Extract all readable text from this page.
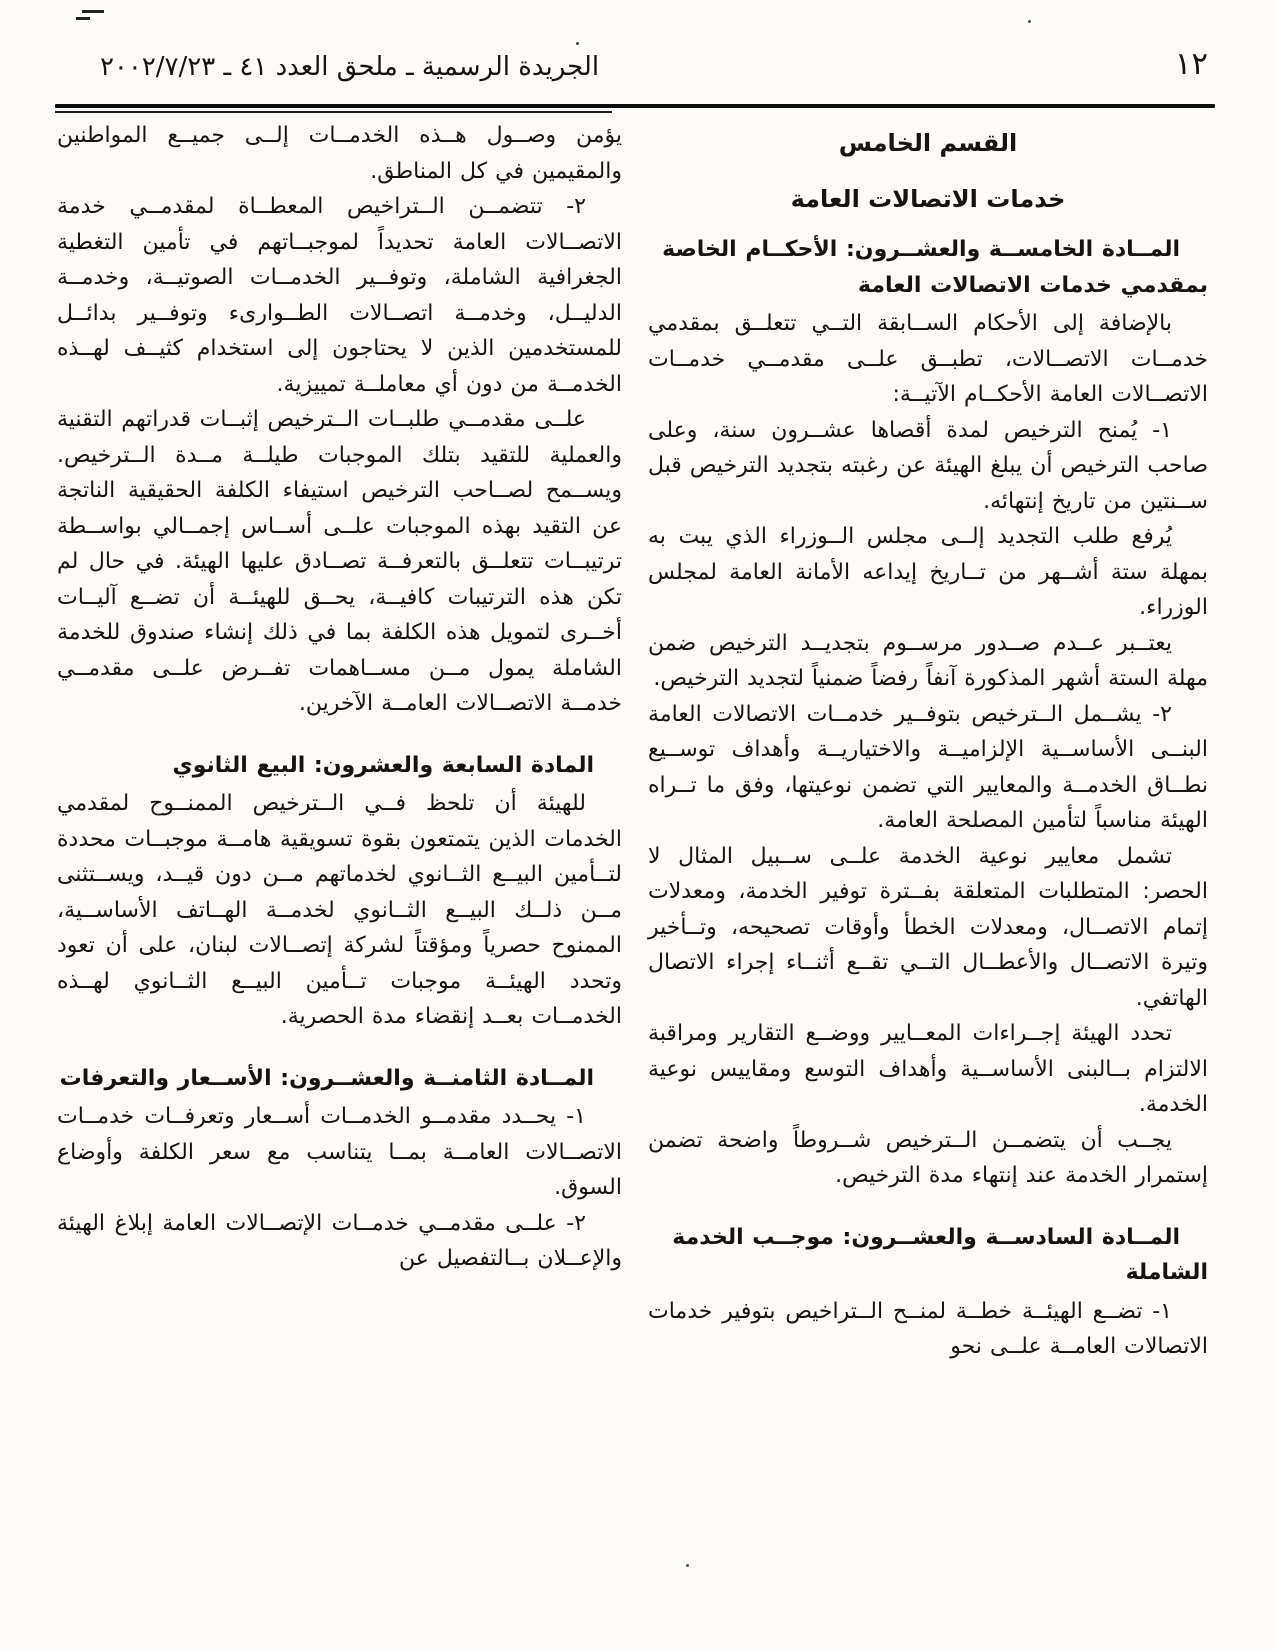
١٢
الجريدة الرسمية ـ ملحق العدد ٤١ ـ ٢٠٠٢/٧/٢٣
القسم الخامس
خدمات الاتصالات العامة

المــادة الخامســة والعشــرون: الأحكــام الخاصة بمقدمي خدمات الاتصالات العامة

بالإضافة إلى الأحكام الســابقة التــي تتعلــق بمقدمي خدمــات الاتصــالات، تطبــق علــى مقدمــي خدمــات الاتصــالات العامة الأحكــام الآتيــة:

١- يُمنح الترخيص لمدة أقصاها عشــرون سنة، وعلى صاحب الترخيص أن يبلغ الهيئة عن رغبته بتجديد الترخيص قبل ســنتين من تاريخ إنتهائه.

يُرفع طلب التجديد إلــى مجلس الــوزراء الذي يبت به بمهلة ستة أشــهر من تــاريخ إيداعه الأمانة العامة لمجلس الوزراء.

يعتــبر عــدم صــدور مرســوم بتجديــد الترخيص ضمن مهلة الستة أشهر المذكورة آنفاً رفضاً ضمنياً لتجديد الترخيص.

٢- يشــمل الــترخيص بتوفــير خدمــات الاتصالات العامة البنــى الأساســية الإلزاميــة والاختياريــة وأهداف توســيع نطــاق الخدمــة والمعايير التي تضمن نوعيتها، وفق ما تــراه الهيئة مناسباً لتأمين المصلحة العامة.

تشمل معايير نوعية الخدمة علــى ســبيل المثال لا الحصر: المتطلبات المتعلقة بفــترة توفير الخدمة، ومعدلات إتمام الاتصــال، ومعدلات الخطأ وأوقات تصحيحه، وتــأخير وتيرة الاتصــال والأعطــال التــي تقــع أثنــاء إجراء الاتصال الهاتفي.

تحدد الهيئة إجــراءات المعــايير ووضــع التقارير ومراقبة الالتزام بــالبنى الأساســية وأهداف التوسع ومقاييس نوعية الخدمة.

يجــب أن يتضمــن الــترخيص شــروطاً واضحة تضمن إستمرار الخدمة عند إنتهاء مدة الترخيص.

المــادة السادســة والعشــرون: موجــب الخدمة الشاملة

١- تضــع الهيئــة خطــة لمنــح الــتراخيص بتوفير خدمات الاتصالات العامــة علــى نحو

يؤمن وصــول هــذه الخدمــات إلــى جميــع المواطنين والمقيمين في كل المناطق.

٢- تتضمــن الــتراخيص المعطــاة لمقدمــي خدمة الاتصــالات العامة تحديداً لموجبــاتهم في تأمين التغطية الجغرافية الشاملة، وتوفــير الخدمــات الصوتيــة، وخدمــة الدليــل، وخدمــة اتصــالات الطــوارىء وتوفــير بدائــل للمستخدمين الذين لا يحتاجون إلى استخدام كثيــف لهــذه الخدمــة من دون أي معاملــة تمييزية.

علــى مقدمــي طلبــات الــترخيص إثبــات قدراتهم التقنية والعملية للتقيد بتلك الموجبات طيلــة مــدة الــترخيص. ويســمح لصــاحب الترخيص استيفاء الكلفة الحقيقية الناتجة عن التقيد بهذه الموجبات علــى أســاس إجمــالي بواســطة ترتيبــات تتعلــق بالتعرفــة تصــادق عليها الهيئة. في حال لم تكن هذه الترتيبات كافيــة، يحــق للهيئــة أن تضــع آليــات أخــرى لتمويل هذه الكلفة بما في ذلك إنشاء صندوق للخدمة الشاملة يمول مــن مســاهمات تفــرض علــى مقدمــي خدمــة الاتصــالات العامــة الآخرين.

المادة السابعة والعشرون: البيع الثانوي

للهيئة أن تلحظ فــي الــترخيص الممنــوح لمقدمي الخدمات الذين يتمتعون بقوة تسويقية هامــة موجبــات محددة لتــأمين البيــع الثــانوي لخدماتهم مــن دون قيــد، ويســتثنى مــن ذلــك البيــع الثــانوي لخدمــة الهــاتف الأساســية، الممنوح حصرياً ومؤقتاً لشركة إتصــالات لبنان، على أن تعود وتحدد الهيئــة موجبات تــأمين البيــع الثــانوي لهــذه الخدمــات بعــد إنقضاء مدة الحصرية.

المــادة الثامنــة والعشــرون: الأســعار والتعرفات

١- يحــدد مقدمــو الخدمــات أســعار وتعرفــات خدمــات الاتصــالات العامــة بمــا يتناسب مع سعر الكلفة وأوضاع السوق.

٢- علــى مقدمــي خدمــات الإتصــالات العامة إبلاغ الهيئة والإعــلان بــالتفصيل عن
